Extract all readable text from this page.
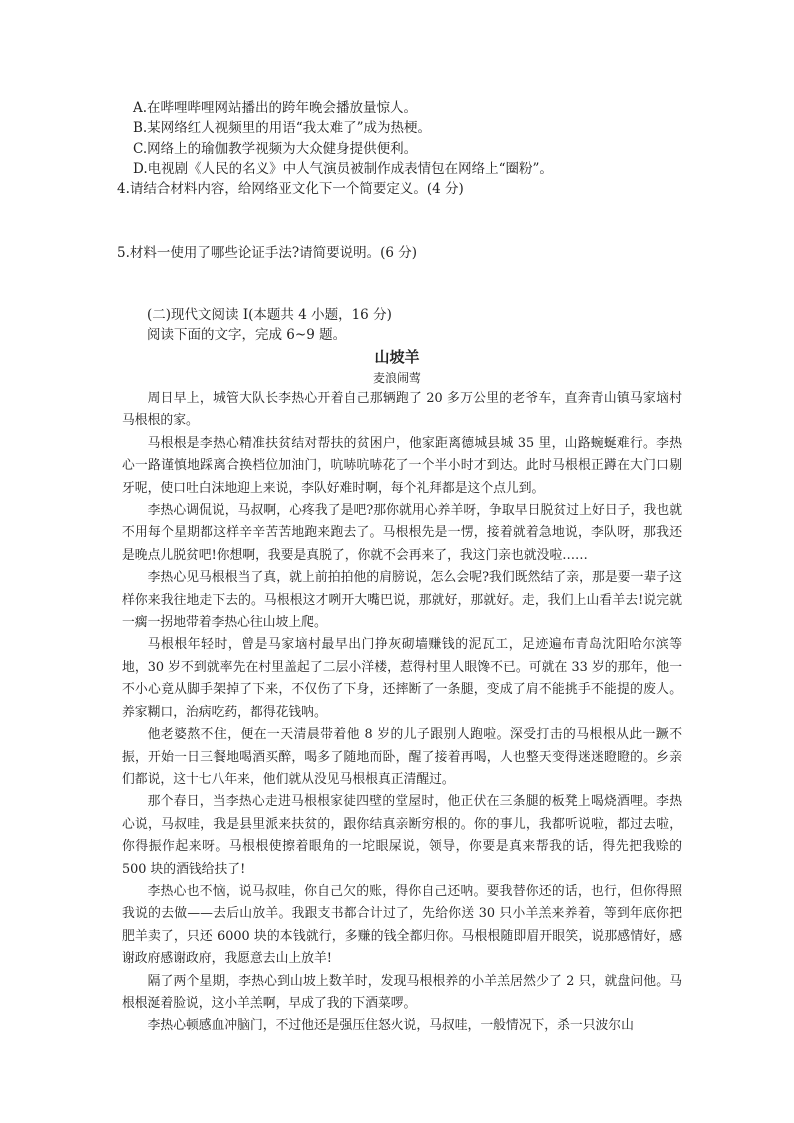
A.在哔哩哔哩网站播出的跨年晚会播放量惊人。
B.某网络红人视频里的用语“我太难了”成为热梗。
C.网络上的瑜伽教学视频为大众健身提供便利。
D.电视剧《人民的名义》中人气演员被制作成表情包在网络上“圈粉”。
4.请结合材料内容，给网络亚文化下一个简要定义。(4 分)
5.材料一使用了哪些论证手法?请简要说明。(6 分)
(二)现代文阅读 I(本题共 4 小题，16 分)
阅读下面的文字，完成 6~9 题。
山坡羊
麦浪闹莺

周日早上，城管大队长李热心开着自己那辆跑了 20 多万公里的老爷车，直奔青山镇马家垴村马根根的家。

马根根是李热心精准扶贫结对帮扶的贫困户，他家距离德城县城 35 里，山路蜿蜒难行。李热心一路谨慎地踩离合换档位加油门，吭哧吭哧花了一个半小时才到达。此时马根根正蹲在大门口剔牙呢，使口吐白沫地迎上来说，李队好难时啊，每个礼拜都是这个点儿到。

李热心调侃说，马叔啊，心疼我了是吧?那你就用心养羊呀，争取早日脱贫过上好日子，我也就不用每个星期都这样辛辛苦苦地跑来跑去了。马根根先是一愣，接着就着急地说，李队呀，那我还是晚点儿脱贫吧!你想啊，我要是真脱了，你就不会再来了，我这门亲也就没啦……

李热心见马根根当了真，就上前拍拍他的肩膀说，怎么会呢?我们既然结了亲，那是要一辈子这样你来我往地走下去的。马根根这才咧开大嘴巴说，那就好，那就好。走，我们上山看羊去!说完就一瘸一拐地带着李热心往山坡上爬。

马根根年轻时，曾是马家垴村最早出门挣灰砌墙赚钱的泥瓦工，足迹遍布青岛沈阳哈尔滨等地，30 岁不到就率先在村里盖起了二层小洋楼，惹得村里人眼馋不已。可就在 33 岁的那年，他一不小心竟从脚手架掉了下来，不仅伤了下身，还摔断了一条腿，变成了肩不能挑手不能提的废人。养家糊口，治病吃药，都得花钱呐。

他老婆熬不住，便在一天清晨带着他 8 岁的儿子跟别人跑啦。深受打击的马根根从此一蹶不振，开始一日三餐地喝酒买醉，喝多了随地而卧，醒了接着再喝，人也整天变得迷迷瞪瞪的。乡亲们都说，这十七八年来，他们就从没见马根根真正清醒过。

那个春日，当李热心走进马根根家徒四壁的堂屋时，他正伏在三条腿的板凳上喝烧酒哩。李热心说，马叔哇，我是县里派来扶贫的，跟你结真亲断穷根的。你的事儿，我都听说啦，都过去啦，你得振作起来呀。马根根使擦着眼角的一坨眼屎说，领导，你要是真来帮我的话，得先把我赊的 500 块的酒钱给扶了!

李热心也不恼，说马叔哇，你自己欠的账，得你自己还呐。要我替你还的话，也行，但你得照我说的去做——去后山放羊。我跟支书都合计过了，先给你送 30 只小羊羔来养着，等到年底你把肥羊卖了，只还 6000 块的本钱就行，多赚的钱全都归你。马根根随即眉开眼笑，说那感情好，感谢政府感谢政府，我愿意去山上放羊!

隔了两个星期，李热心到山坡上数羊时，发现马根根养的小羊羔居然少了 2 只，就盘问他。马根根涎着脸说，这小羊羔啊，早成了我的下酒菜啰。

李热心顿感血冲脑门，不过他还是强压住怒火说，马叔哇，一般情况下，杀一只波尔山
